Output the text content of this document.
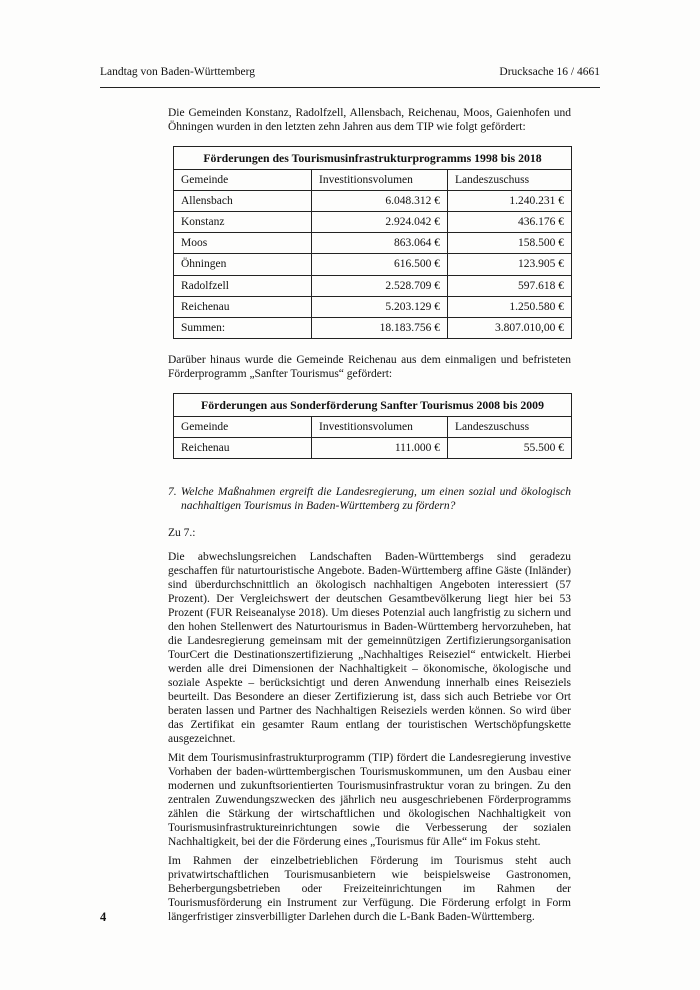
Landtag von Baden-Württemberg	Drucksache 16 / 4661

Die Gemeinden Konstanz, Radolfzell, Allensbach, Reichenau, Moos, Gaienhofen und Öhningen wurden in den letzten zehn Jahren aus dem TIP wie folgt gefördert:

Förderungen des Tourismusinfrastrukturprogramms 1998 bis 2018		
Gemeinde	Investitionsvolumen	Landeszuschuss
Allensbach	6.048.312 €	1.240.231 €
Konstanz	2.924.042 €	436.176 €
Moos	863.064 €	158.500 €
Öhningen	616.500 €	123.905 €
Radolfzell	2.528.709 €	597.618 €
Reichenau	5.203.129 €	1.250.580 €
Summen:	18.183.756 €	3.807.010,00 €

Darüber hinaus wurde die Gemeinde Reichenau aus dem einmaligen und befristeten Förderprogramm „Sanfter Tourismus“ gefördert:

Förderungen aus Sonderförderung Sanfter Tourismus 2008 bis 2009		
Gemeinde	Investitionsvolumen	Landeszuschuss
Reichenau	111.000 €	55.500 €

7. Welche Maßnahmen ergreift die Landesregierung, um einen sozial und ökologisch nachhaltigen Tourismus in Baden-Württemberg zu fördern?

Zu 7.:

Die abwechslungsreichen Landschaften Baden-Württembergs sind geradezu geschaffen für naturtouristische Angebote. Baden-Württemberg affine Gäste (Inländer) sind überdurchschnittlich an ökologisch nachhaltigen Angeboten interessiert (57 Prozent). Der Vergleichswert der deutschen Gesamtbevölkerung liegt hier bei 53 Prozent (FUR Reiseanalyse 2018). Um dieses Potenzial auch langfristig zu sichern und den hohen Stellenwert des Naturtourismus in Baden-Württemberg hervorzuheben, hat die Landesregierung gemeinsam mit der gemeinnützigen Zertifizierungsorganisation TourCert die Destinationszertifizierung „Nachhaltiges Reiseziel“ entwickelt. Hierbei werden alle drei Dimensionen der Nachhaltigkeit – ökonomische, ökologische und soziale Aspekte – berücksichtigt und deren Anwendung innerhalb eines Reiseziels beurteilt. Das Besondere an dieser Zertifizierung ist, dass sich auch Betriebe vor Ort beraten lassen und Partner des Nachhaltigen Reiseziels werden können. So wird über das Zertifikat ein gesamter Raum entlang der touristischen Wertschöpfungskette ausgezeichnet.

Mit dem Tourismusinfrastrukturprogramm (TIP) fördert die Landesregierung investive Vorhaben der baden-württembergischen Tourismuskommunen, um den Ausbau einer modernen und zukunftsorientierten Tourismusinfrastruktur voran zu bringen. Zu den zentralen Zuwendungszwecken des jährlich neu ausgeschriebenen Förderprogramms zählen die Stärkung der wirtschaftlichen und ökologischen Nachhaltigkeit von Tourismusinfrastruktureinrichtungen sowie die Verbesserung der sozialen Nachhaltigkeit, bei der die Förderung eines „Tourismus für Alle“ im Fokus steht.

Im Rahmen der einzelbetrieblichen Förderung im Tourismus steht auch privatwirtschaftlichen Tourismusanbietern wie beispielsweise Gastronomen, Beherbergungsbetrieben oder Freizeiteinrichtungen im Rahmen der Tourismusförderung ein Instrument zur Verfügung. Die Förderung erfolgt in Form längerfristiger zinsverbilligter Darlehen durch die L-Bank Baden-Württemberg.

4
